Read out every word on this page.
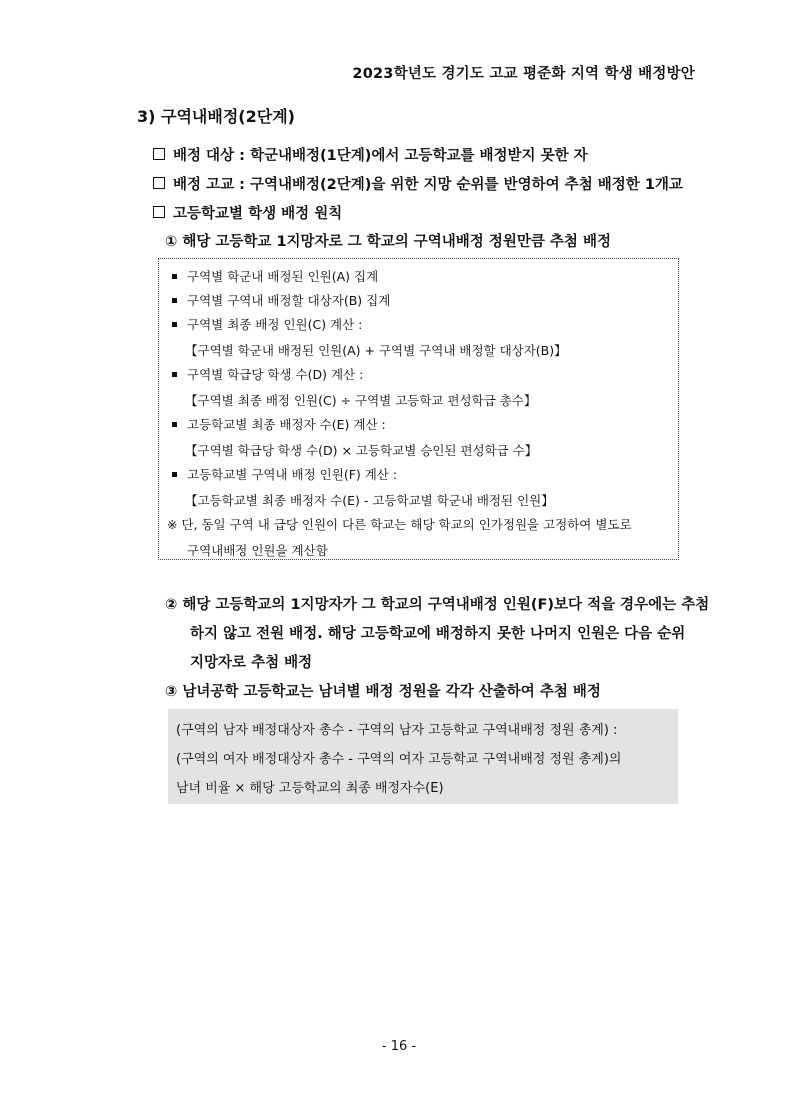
2023학년도 경기도 고교 평준화 지역 학생 배정방안
3) 구역내배정(2단계)
배정 대상 : 학군내배정(1단계)에서 고등학교를 배정받지 못한 자
배정 고교 : 구역내배정(2단계)을 위한 지망 순위를 반영하여 추첨 배정한 1개교
고등학교별 학생 배정 원칙
① 해당 고등학교 1지망자로 그 학교의 구역내배정 정원만큼 추첨 배정
구역별 학군내 배정된 인원(A) 집계
구역별 구역내 배정할 대상자(B) 집계
구역별 최종 배정 인원(C) 계산 :
【구역별 학군내 배정된 인원(A) + 구역별 구역내 배정할 대상자(B)】
구역별 학급당 학생 수(D) 계산 :
【구역별 최종 배정 인원(C) ÷ 구역별 고등학교 편성학급 총수】
고등학교별 최종 배정자 수(E) 계산 :
【구역별 학급당 학생 수(D) × 고등학교별 승인된 편성학급 수】
고등학교별 구역내 배정 인원(F) 계산 :
【고등학교별 최종 배정자 수(E) - 고등학교별 학군내 배정된 인원】
※ 단, 동일 구역 내 급당 인원이 다른 학교는 해당 학교의 인가정원을 고정하여 별도로
구역내배정 인원을 계산함
② 해당 고등학교의 1지망자가 그 학교의 구역내배정 인원(F)보다 적을 경우에는 추첨
하지 않고 전원 배정. 해당 고등학교에 배정하지 못한 나머지 인원은 다음 순위
지망자로 추첨 배정
③ 남녀공학 고등학교는 남녀별 배정 정원을 각각 산출하여 추첨 배정
(구역의 남자 배정대상자 총수 - 구역의 남자 고등학교 구역내배정 정원 총계) :
(구역의 여자 배정대상자 총수 - 구역의 여자 고등학교 구역내배정 정원 총계)의
남녀 비율 × 해당 고등학교의 최종 배정자수(E)
- 16 -
